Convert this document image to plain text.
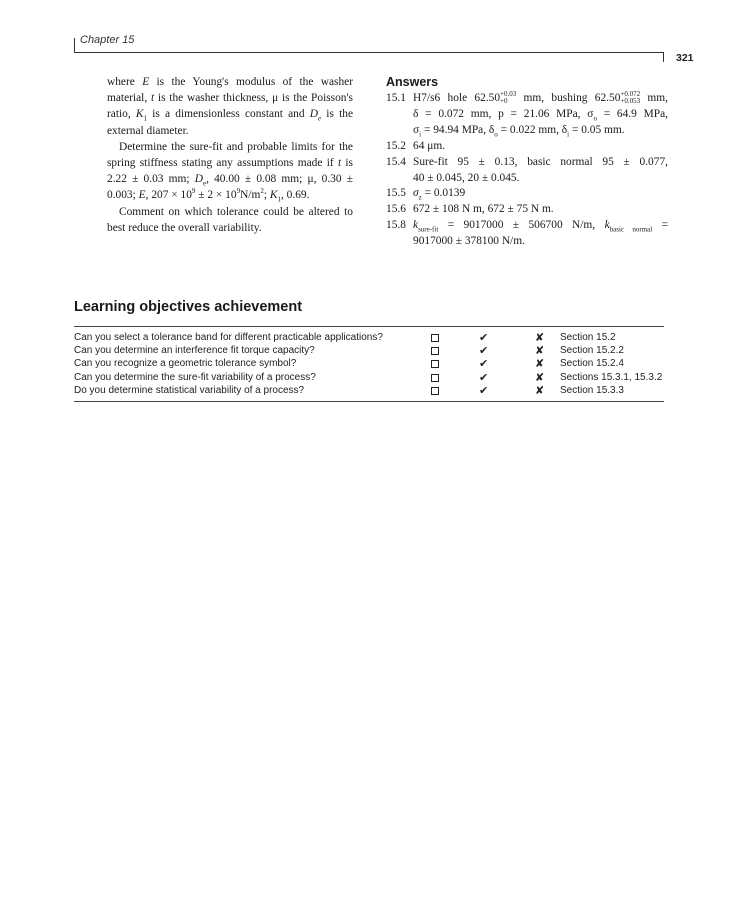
Chapter 15
321

where E is the Young's modulus of the washer material, t is the washer thickness, μ is the Poisson's ratio, $K_1$ is a dimensionless constant and $D_e$ is the external diameter.

Determine the sure-fit and probable limits for the spring stiffness stating any assumptions made if t is 2.22 ± 0.03 mm; $D_e$, 40.00 ± 0.08 mm; μ, 0.30 ± 0.003; E, $207 \times 10^9 \pm 2 \times 10^9N/m^2$; $K_1$, 0.69.

Comment on which tolerance could be altered to best reduce the overall variability.

Answers
15.1 H7/s6 hole 62.50 +0.03
+0 mm, bushing 62.50 +0.072
+0.053 mm,
δ = 0.072 mm, p = 21.06 MPa, $\sigma_o = 64.9$ MPa,
$\sigma_i = 94.94$ MPa, $\delta_o = 0.022$ mm, $\delta_i = 0.05$ mm.
15.2 64 μm.
15.4 Sure-fit 95 ± 0.13, basic normal 95 ± 0.077,
40 ± 0.045, 20 ± 0.045.
15.5 $\sigma_z = 0.0139$
15.6 672 ± 108 N m, 672 ± 75 N m.
15.8 $k_{sure-fit} = 9017000 \pm 506700$ N/m, $k_{basic normal}$ =
9017000 ± 378100 N/m.
Learning objectives achievement
Can you select a tolerance band for different practicable applications?	✔	✘ Section 15.2
Can you determine an interference fit torque capacity?	✔	✘ Section 15.2.2
Can you recognize a geometric tolerance symbol?	✔	✘ Section 15.2.4
Can you determine the sure-fit variability of a process?	✔	✘ Sections 15.3.1, 15.3.2
Do you determine statistical variability of a process?	✔	✘ Section 15.3.3
